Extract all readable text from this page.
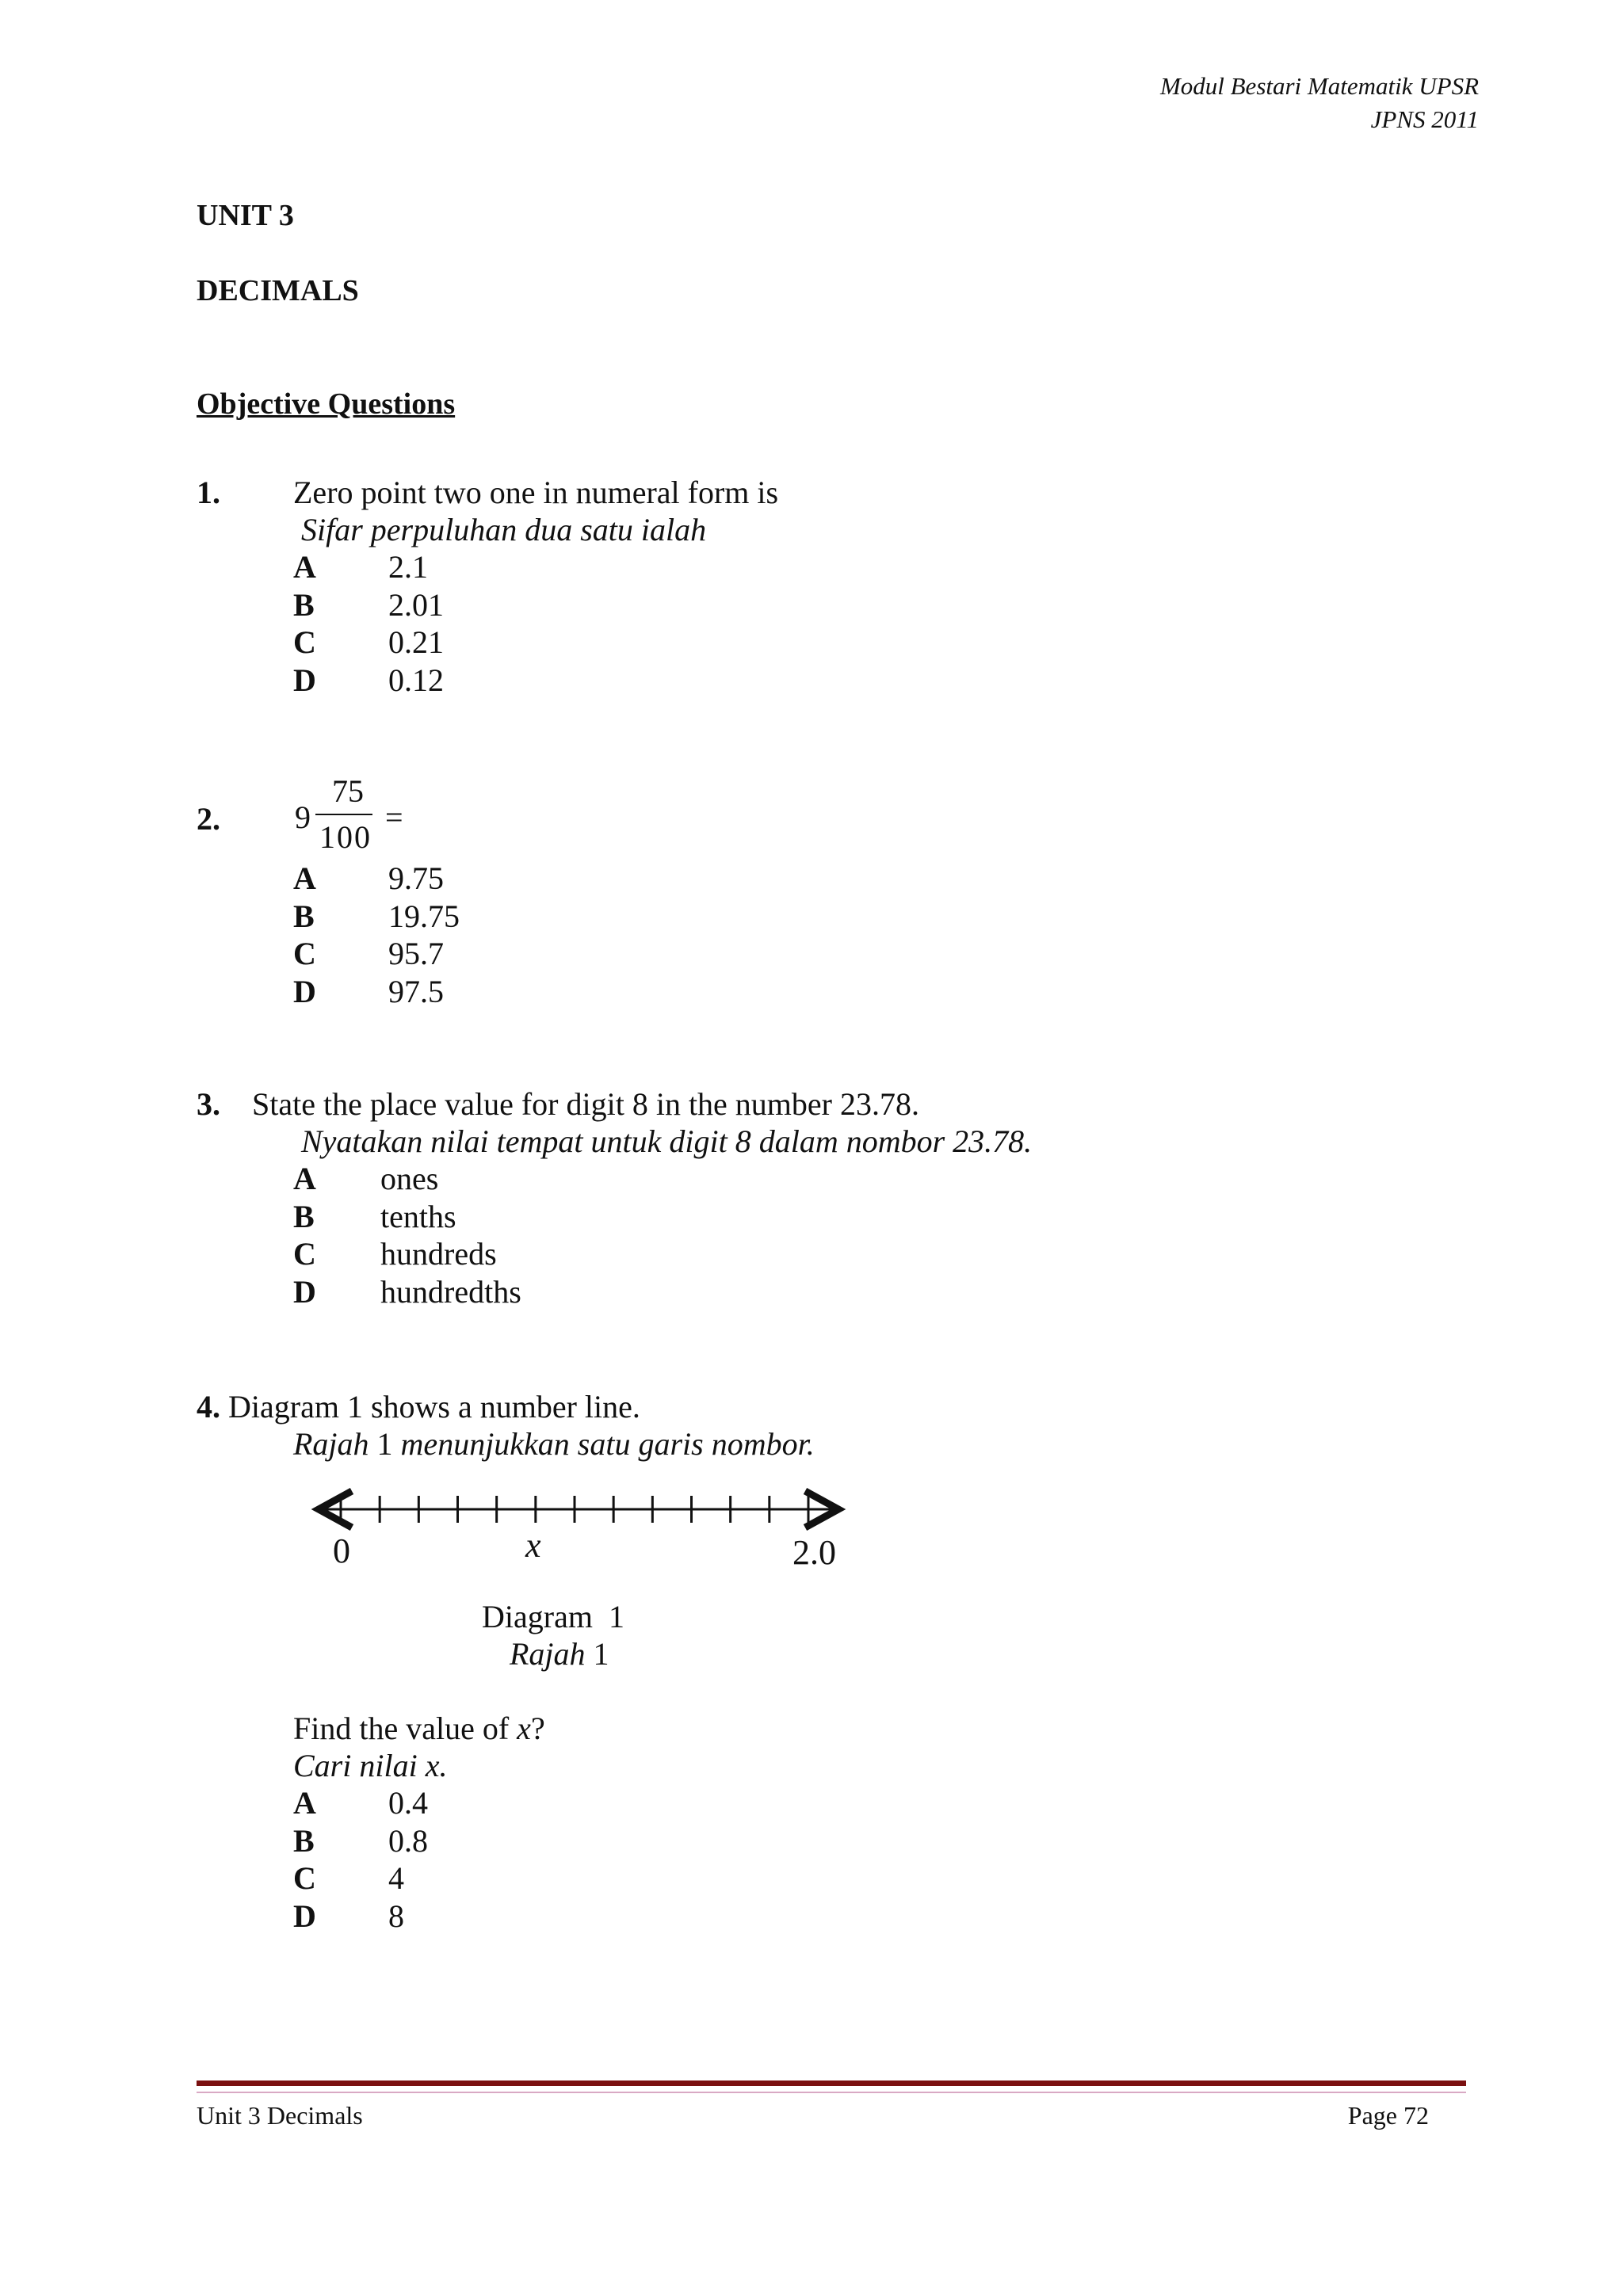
Modul Bestari Matematik UPSR
JPNS 2011
UNIT 3
DECIMALS
Objective Questions
1. Zero point two one in numeral form is
Sifar perpuluhan dua satu ialah
A 2.1
B 2.01
C 0.21
D 0.12
2. 9
75
100
=
A 9.75
B 19.75
C 95.7
D 97.5
3. State the place value for digit 8 in the number 23.78.
Nyatakan nilai tempat untuk digit 8 dalam nombor 23.78.
A ones
B tenths
C hundreds
D hundredths
4. Diagram 1 shows a number line.
Rajah 1 menunjukkan satu garis nombor.
0	x	2.0
Diagram  1
Rajah 1
Find the value of x?
Cari nilai x.
A 0.4
B 0.8
C 4
D 8
Unit 3 Decimals	Page 72
